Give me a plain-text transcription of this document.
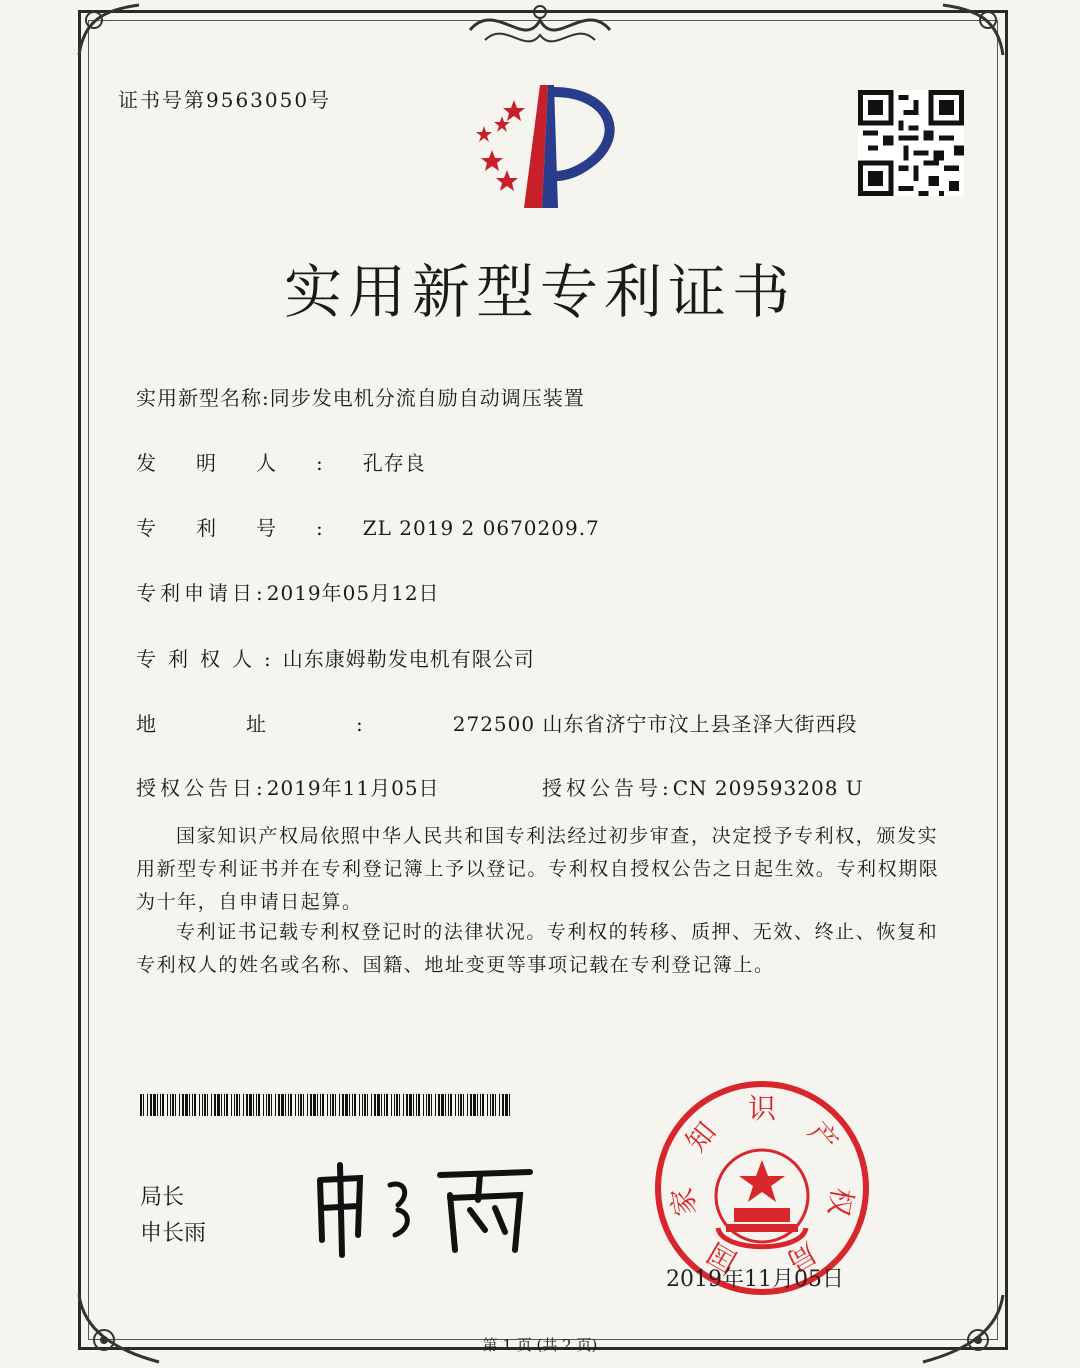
证书号第9563050号
实用新型专利证书
实用新型名称:同步发电机分流自励自动调压装置
发明人:孔存良
专利号:ZL 2019 2 0670209.7
专利申请日:2019年05月12日
专利权人:山东康姆勒发电机有限公司
地址:272500 山东省济宁市汶上县圣泽大街西段
授权公告日:2019年11月05日	授权公告号:CN 209593208 U
国家知识产权局依照中华人民共和国专利法经过初步审查，决定授予专利权，颁发实用新型专利证书并在专利登记簿上予以登记。专利权自授权公告之日起生效。专利权期限为十年，自申请日起算。
专利证书记载专利权登记时的法律状况。专利权的转移、质押、无效、终止、恢复和专利权人的姓名或名称、国籍、地址变更等事项记载在专利登记簿上。
局长
申长雨
国
家
知
识
产
权
局
2019年11月05日
第 1 页 (共 2 页)
